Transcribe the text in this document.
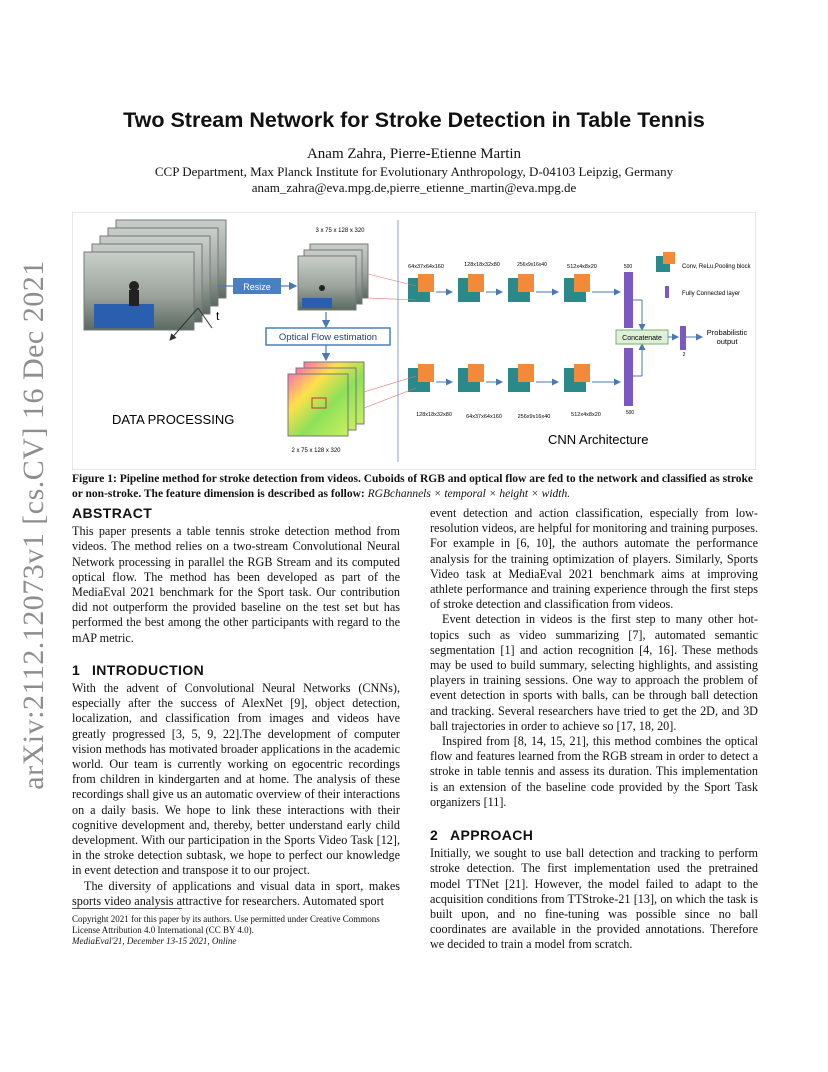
arXiv:2112.12073v1 [cs.CV] 16 Dec 2021
Two Stream Network for Stroke Detection in Table Tennis
Anam Zahra, Pierre-Etienne Martin
CCP Department, Max Planck Institute for Evolutionary Anthropology, D-04103 Leipzig, Germany
anam_zahra@eva.mpg.de,pierre_etienne_martin@eva.mpg.de
t
Resize
3 x 75 x 128 x 320
Optical Flow estimation
2 x 75 x 128 x 320
DATA PROCESSING
64x37x64x160	128x18x32x80	256x9x16x40	512x4x8x20	500
128x18x32x80	64x37x64x160	256x9x16x40	512x4x8x20	500
Concatenate
2
Probabilistic
output
Conv, ReLu,Pooling block
Fully Connected layer
CNN Architecture
Figure 1: Pipeline method for stroke detection from videos. Cuboids of RGB and optical flow are fed to the network and classified as stroke or non-stroke. The feature dimension is described as follow: RGBchannels × temporal × height × width.
ABSTRACT

This paper presents a table tennis stroke detection method from videos. The method relies on a two-stream Convolutional Neural Network processing in parallel the RGB Stream and its computed optical flow. The method has been developed as part of the MediaEval 2021 benchmark for the Sport task. Our contribution did not outperform the provided baseline on the test set but has performed the best among the other participants with regard to the mAP metric.

1 INTRODUCTION

With the advent of Convolutional Neural Networks (CNNs), especially after the success of AlexNet [9], object detection, localization, and classification from images and videos have greatly progressed [3, 5, 9, 22].The development of computer vision methods has motivated broader applications in the academic world. Our team is currently working on egocentric recordings from children in kindergarten and at home. The analysis of these recordings shall give us an automatic overview of their interactions on a daily basis. We hope to link these interactions with their cognitive development and, thereby, better understand early child development. With our participation in the Sports Video Task [12], in the stroke detection subtask, we hope to perfect our knowledge in event detection and transpose it to our project.

The diversity of applications and visual data in sport, makes sports video analysis attractive for researchers. Automated sport

Copyright 2021 for this paper by its authors. Use permitted under Creative Commons License Attribution 4.0 International (CC BY 4.0).
MediaEval'21, December 13-15 2021, Online

event detection and action classification, especially from low-resolution videos, are helpful for monitoring and training purposes. For example in [6, 10], the authors automate the performance analysis for the training optimization of players. Similarly, Sports Video task at MediaEval 2021 benchmark aims at improving athlete performance and training experience through the first steps of stroke detection and classification from videos.

Event detection in videos is the first step to many other hot-topics such as video summarizing [7], automated semantic segmentation [1] and action recognition [4, 16]. These methods may be used to build summary, selecting highlights, and assisting players in training sessions. One way to approach the problem of event detection in sports with balls, can be through ball detection and tracking. Several researchers have tried to get the 2D, and 3D ball trajectories in order to achieve so [17, 18, 20].

Inspired from [8, 14, 15, 21], this method combines the optical flow and features learned from the RGB stream in order to detect a stroke in table tennis and assess its duration. This implementation is an extension of the baseline code provided by the Sport Task organizers [11].

2 APPROACH

Initially, we sought to use ball detection and tracking to perform stroke detection. The first implementation used the pretrained model TTNet [21]. However, the model failed to adapt to the acquisition conditions from TTStroke-21 [13], on which the task is built upon, and no fine-tuning was possible since no ball coordinates are available in the provided annotations. Therefore we decided to train a model from scratch.
